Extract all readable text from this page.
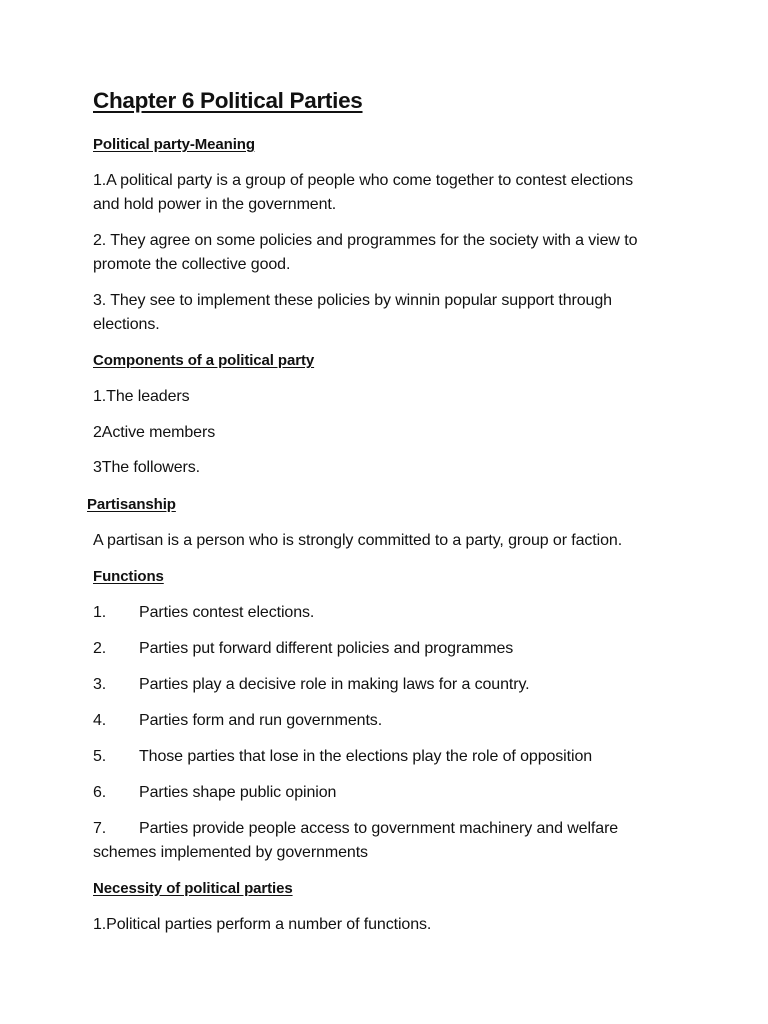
Chapter 6 Political Parties
Political party-Meaning
1.A political party is a group of people who come together to contest elections
and hold power in the government.
2. They agree on some policies and programmes for the society with a view to
promote the collective good.
3. They see to implement these policies by winnin popular support through
elections.
Components of a political party
1.The leaders
2Active members
3The followers.
Partisanship
A partisan is a person who is strongly committed to a party, group or faction.
Functions
1. Parties contest elections.
2. Parties put forward different policies and programmes
3. Parties play a decisive role in making laws for a country.
4. Parties form and run governments.
5. Those parties that lose in the elections play the role of opposition
6. Parties shape public opinion
7. Parties provide people access to government machinery and welfare
schemes implemented by governments
Necessity of political parties
1.Political parties perform a number of functions.
